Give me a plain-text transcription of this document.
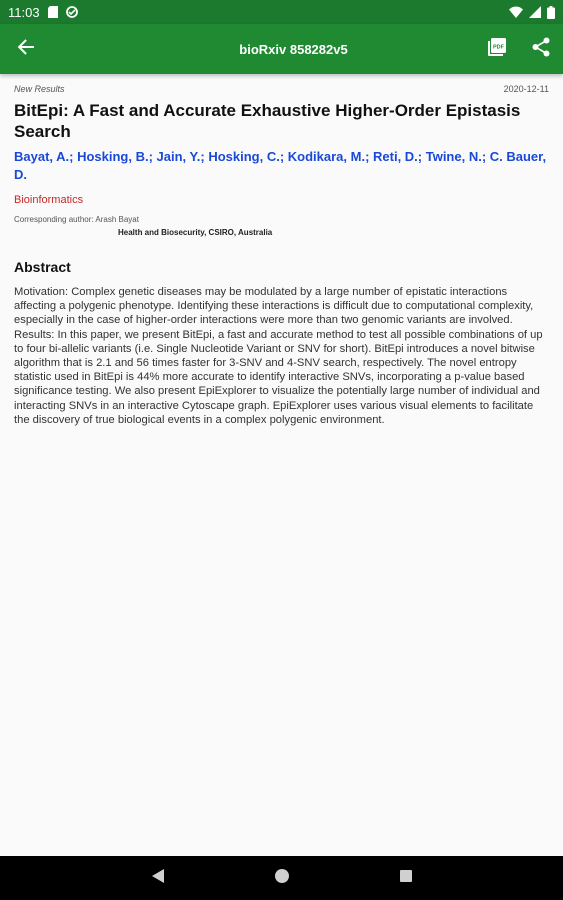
11:03
bioRxiv 858282v5	PDF
New Results	2020-12-11
BitEpi: A Fast and Accurate Exhaustive Higher-Order Epistasis Search
Bayat, A.; Hosking, B.; Jain, Y.; Hosking, C.; Kodikara, M.; Reti, D.; Twine, N.; C. Bauer, D.
Bioinformatics
Corresponding author: Arash Bayat
Health and Biosecurity, CSIRO, Australia
Abstract
Motivation: Complex genetic diseases may be modulated by a large number of epistatic interactions affecting a polygenic phenotype. Identifying these interactions is difficult due to computational complexity, especially in the case of higher-order interactions were more than two genomic variants are involved. Results: In this paper, we present BitEpi, a fast and accurate method to test all possible combinations of up to four bi-allelic variants (i.e. Single Nucleotide Variant or SNV for short). BitEpi introduces a novel bitwise algorithm that is 2.1 and 56 times faster for 3-SNV and 4-SNV search, respectively. The novel entropy statistic used in BitEpi is 44% more accurate to identify interactive SNVs, incorporating a p-value based significance testing. We also present EpiExplorer to visualize the potentially large number of individual and interacting SNVs in an interactive Cytoscape graph. EpiExplorer uses various visual elements to facilitate the discovery of true biological events in a complex polygenic environment.
